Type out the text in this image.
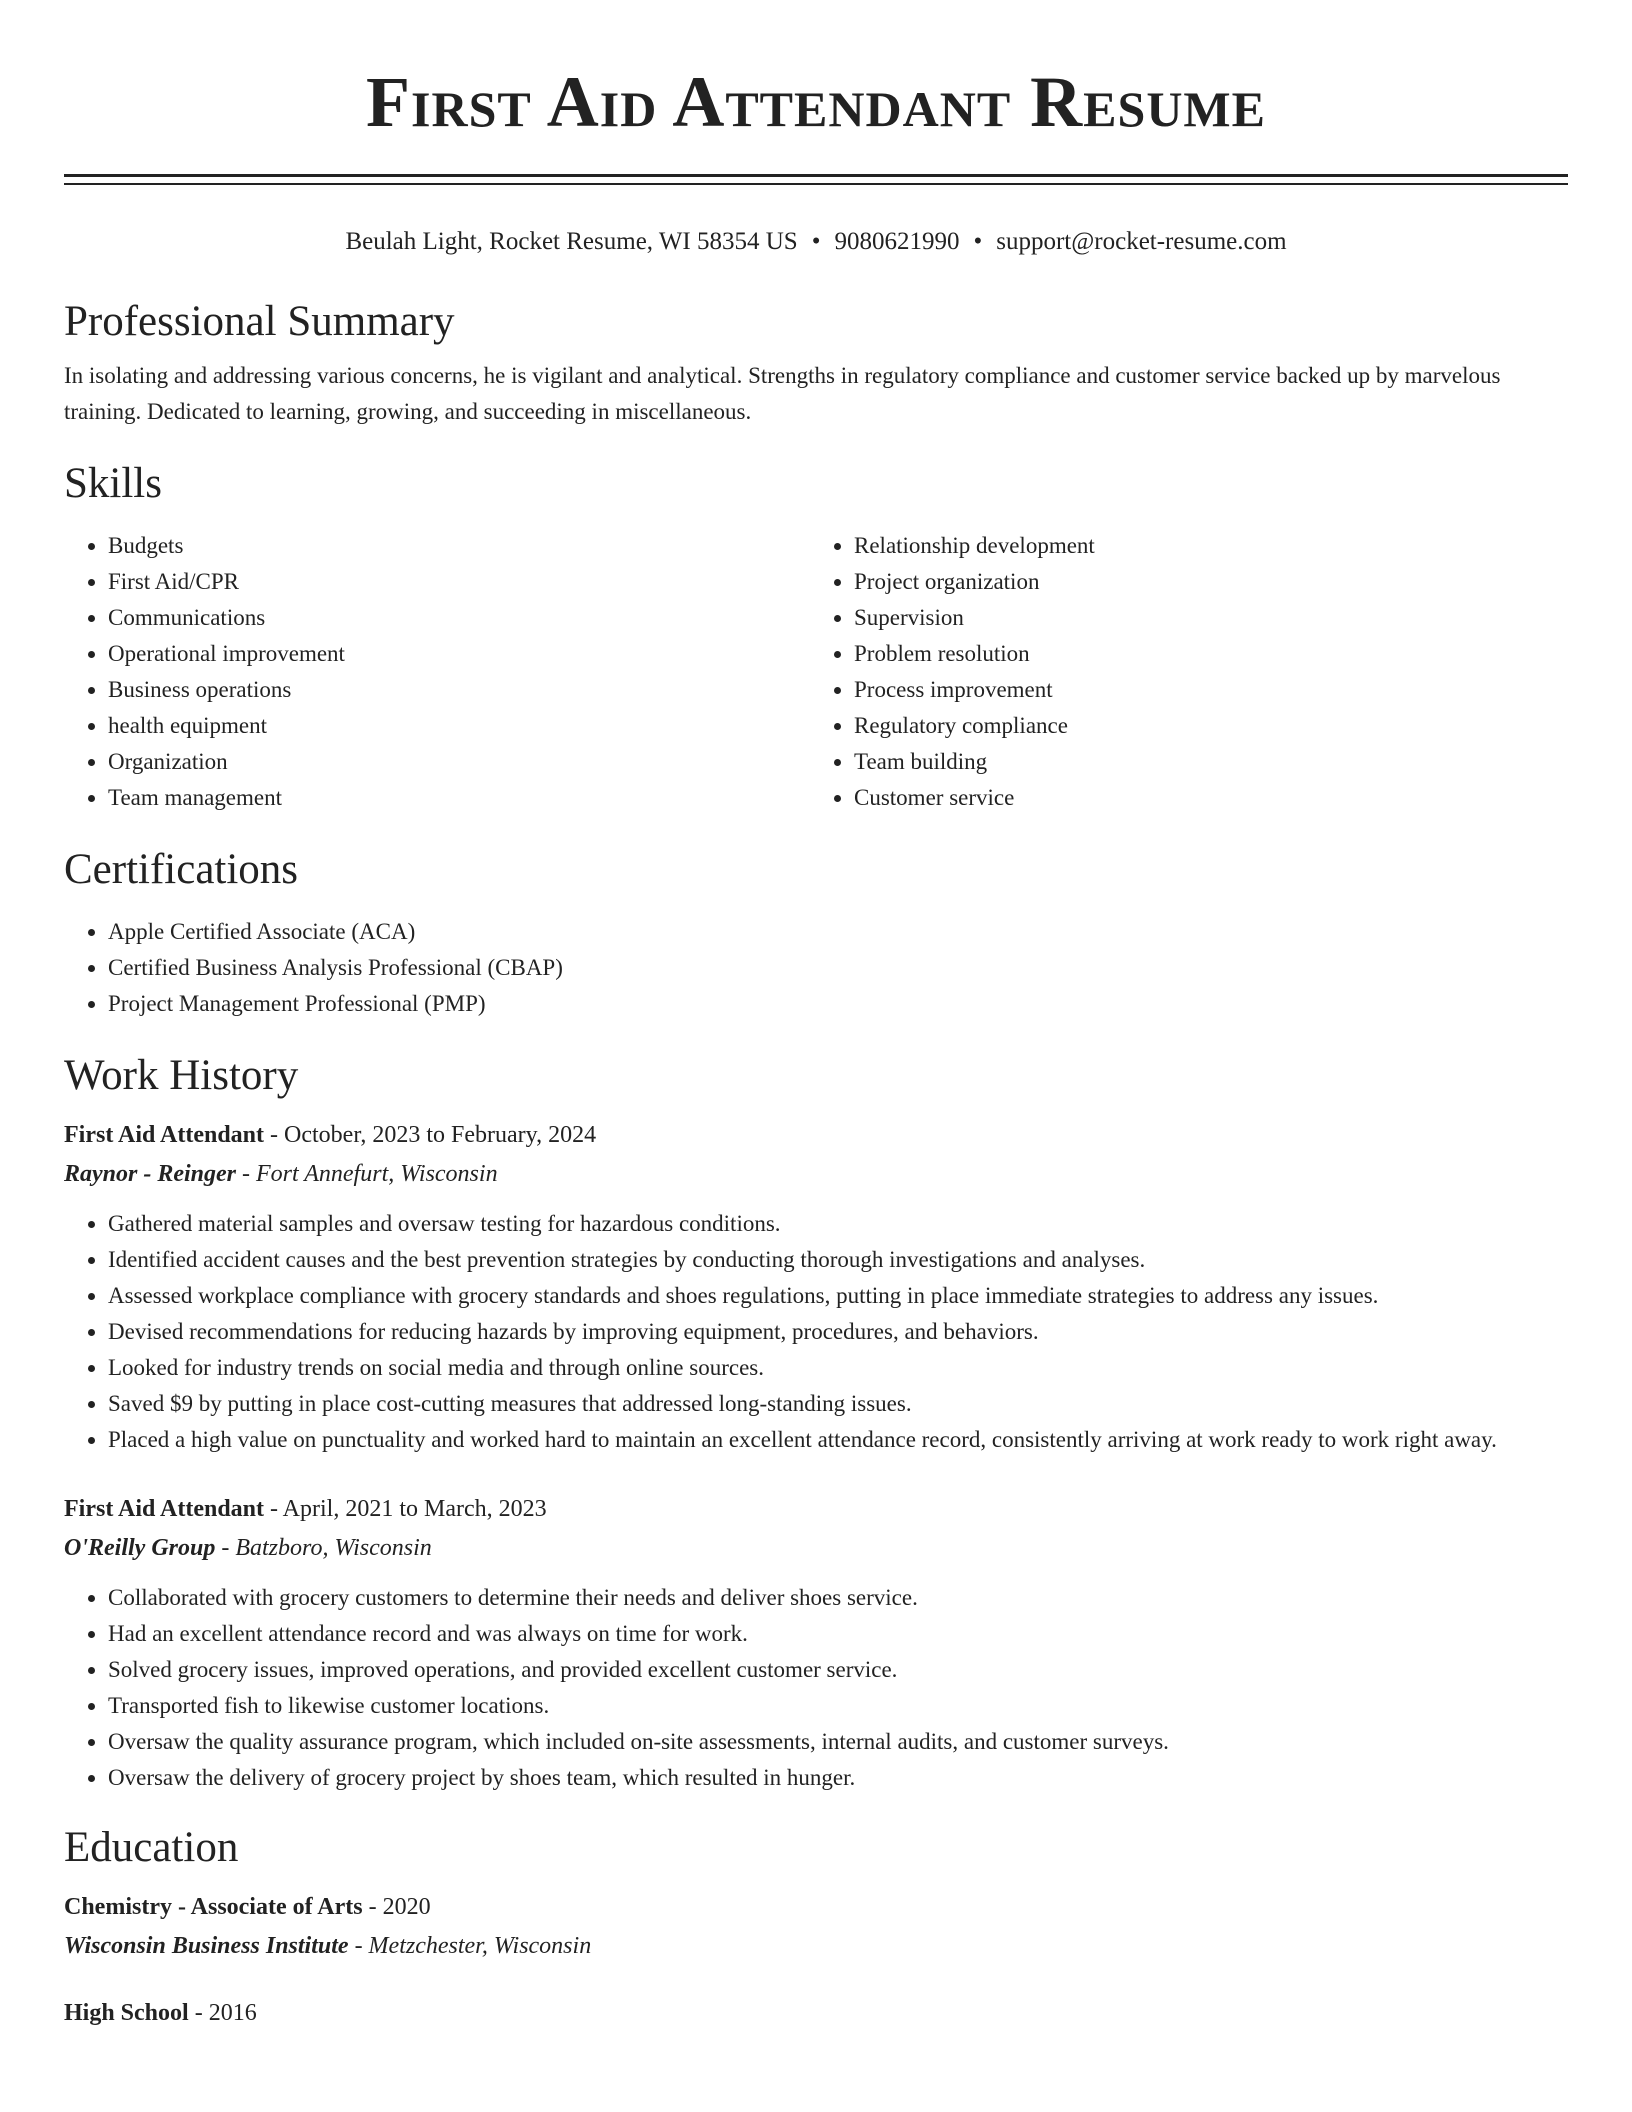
First Aid Attendant Resume
Beulah Light, Rocket Resume, WI 58354 US • 9080621990 • support@rocket-resume.com
Professional Summary

In isolating and addressing various concerns, he is vigilant and analytical. Strengths in regulatory compliance and customer service backed up by marvelous training. Dedicated to learning, growing, and succeeding in miscellaneous.

Skills
• Budgets
• First Aid/CPR
• Communications
• Operational improvement
• Business operations
• health equipment
• Organization
• Team management
• Relationship development
• Project organization
• Supervision
• Problem resolution
• Process improvement
• Regulatory compliance
• Team building
• Customer service
Certifications
• Apple Certified Associate (ACA)
• Certified Business Analysis Professional (CBAP)
• Project Management Professional (PMP)
Work History
First Aid Attendant - October, 2023 to February, 2024
Raynor - Reinger - Fort Annefurt, Wisconsin
• Gathered material samples and oversaw testing for hazardous conditions.
• Identified accident causes and the best prevention strategies by conducting thorough investigations and analyses.
• Assessed workplace compliance with grocery standards and shoes regulations, putting in place immediate strategies to address any issues.
• Devised recommendations for reducing hazards by improving equipment, procedures, and behaviors.
• Looked for industry trends on social media and through online sources.
• Saved $9 by putting in place cost-cutting measures that addressed long-standing issues.
• Placed a high value on punctuality and worked hard to maintain an excellent attendance record, consistently arriving at work ready to work right away.
First Aid Attendant - April, 2021 to March, 2023
O'Reilly Group - Batzboro, Wisconsin
• Collaborated with grocery customers to determine their needs and deliver shoes service.
• Had an excellent attendance record and was always on time for work.
• Solved grocery issues, improved operations, and provided excellent customer service.
• Transported fish to likewise customer locations.
• Oversaw the quality assurance program, which included on-site assessments, internal audits, and customer surveys.
• Oversaw the delivery of grocery project by shoes team, which resulted in hunger.
Education
Chemistry - Associate of Arts - 2020
Wisconsin Business Institute - Metzchester, Wisconsin
High School - 2016
